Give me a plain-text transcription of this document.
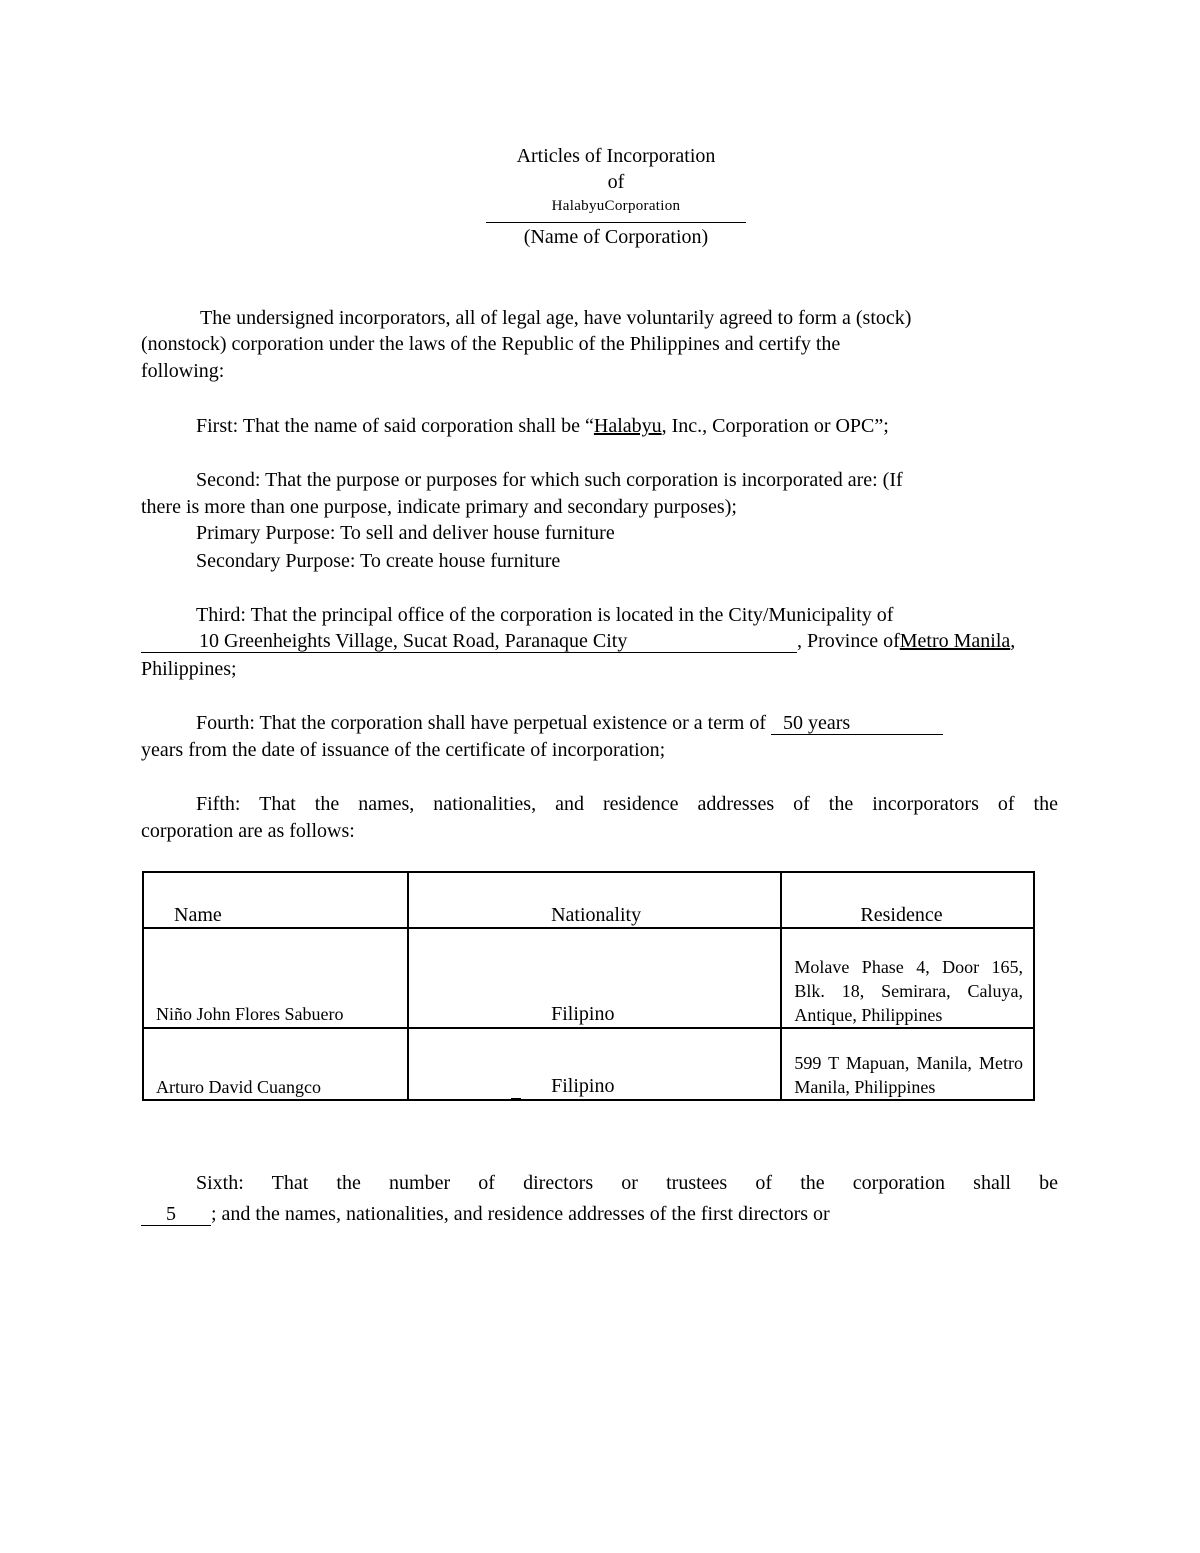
Articles of Incorporation
of
HalabyuCorporation
(Name of Corporation)
The undersigned incorporators, all of legal age, have voluntarily agreed to form a (stock)
(nonstock) corporation under the laws of the Republic of the Philippines and certify the
following:
First: That the name of said corporation shall be “Halabyu, Inc., Corporation or OPC”;
Second: That the purpose or purposes for which such corporation is incorporated are: (If
there is more than one purpose, indicate primary and secondary purposes);
Primary Purpose: To sell and deliver house furniture
Secondary Purpose: To create house furniture
Third: That the principal office of the corporation is located in the City/Municipality of
10 Greenheights Village, Sucat Road, Paranaque City	, Province ofMetro Manila,
Philippines;
Fourth: That the corporation shall have perpetual existence or a term of 50 years
years from the date of issuance of the certificate of incorporation;
Fifth: That the names, nationalities, and residence addresses of the incorporators of the
corporation are as follows:
Name	Nationality	Residence

Niño John Flores Sabuero	Filipino	Molave Phase 4, Door 165, Blk. 18, Semirara, Caluya, Antique, Philippines
Arturo David Cuangco	Filipino	599 T Mapuan, Manila, Metro Manila, Philippines
Sixth: That the number of directors or trustees of the corporation shall be
5 ; and the names, nationalities, and residence addresses of the first directors or
